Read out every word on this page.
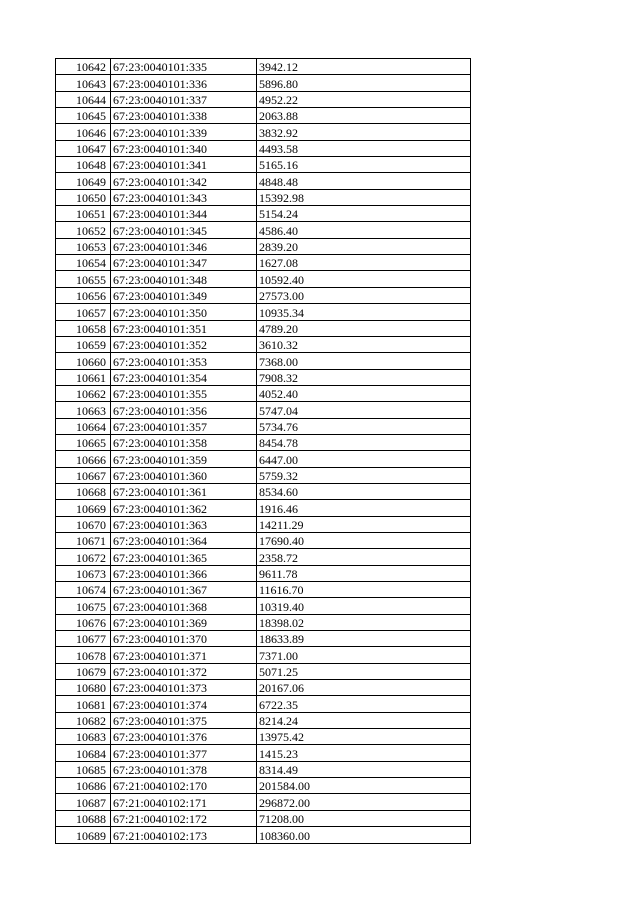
10642	67:23:0040101:335	3942.12
10643	67:23:0040101:336	5896.80
10644	67:23:0040101:337	4952.22
10645	67:23:0040101:338	2063.88
10646	67:23:0040101:339	3832.92
10647	67:23:0040101:340	4493.58
10648	67:23:0040101:341	5165.16
10649	67:23:0040101:342	4848.48
10650	67:23:0040101:343	15392.98
10651	67:23:0040101:344	5154.24
10652	67:23:0040101:345	4586.40
10653	67:23:0040101:346	2839.20
10654	67:23:0040101:347	1627.08
10655	67:23:0040101:348	10592.40
10656	67:23:0040101:349	27573.00
10657	67:23:0040101:350	10935.34
10658	67:23:0040101:351	4789.20
10659	67:23:0040101:352	3610.32
10660	67:23:0040101:353	7368.00
10661	67:23:0040101:354	7908.32
10662	67:23:0040101:355	4052.40
10663	67:23:0040101:356	5747.04
10664	67:23:0040101:357	5734.76
10665	67:23:0040101:358	8454.78
10666	67:23:0040101:359	6447.00
10667	67:23:0040101:360	5759.32
10668	67:23:0040101:361	8534.60
10669	67:23:0040101:362	1916.46
10670	67:23:0040101:363	14211.29
10671	67:23:0040101:364	17690.40
10672	67:23:0040101:365	2358.72
10673	67:23:0040101:366	9611.78
10674	67:23:0040101:367	11616.70
10675	67:23:0040101:368	10319.40
10676	67:23:0040101:369	18398.02
10677	67:23:0040101:370	18633.89
10678	67:23:0040101:371	7371.00
10679	67:23:0040101:372	5071.25
10680	67:23:0040101:373	20167.06
10681	67:23:0040101:374	6722.35
10682	67:23:0040101:375	8214.24
10683	67:23:0040101:376	13975.42
10684	67:23:0040101:377	1415.23
10685	67:23:0040101:378	8314.49
10686	67:21:0040102:170	201584.00
10687	67:21:0040102:171	296872.00
10688	67:21:0040102:172	71208.00
10689	67:21:0040102:173	108360.00
